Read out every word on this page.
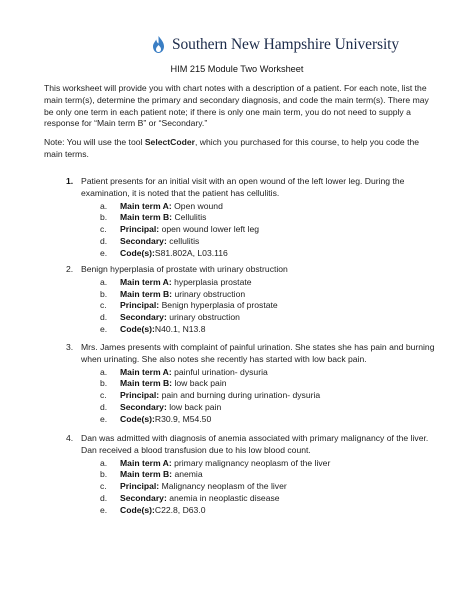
Southern New Hampshire University
HIM 215 Module Two Worksheet

This worksheet will provide you with chart notes with a description of a patient. For each note, list the main term(s), determine the primary and secondary diagnosis, and code the main term(s). There may be only one term in each patient note; if there is only one main term, you do not need to supply a response for “Main term B” or “Secondary.”

Note: You will use the tool SelectCoder, which you purchased for this course, to help you code the main terms.

1. Patient presents for an initial visit with an open wound of the left lower leg. During the examination, it is noted that the patient has cellulitis.
a. Main term A: Open wound
b. Main term B: Cellulitis
c. Principal: open wound lower left leg
d. Secondary: cellulitis
e. Code(s):S81.802A, L03.116
2. Benign hyperplasia of prostate with urinary obstruction
a. Main term A: hyperplasia prostate
b. Main term B: urinary obstruction
c. Principal: Benign hyperplasia of prostate
d. Secondary: urinary obstruction
e. Code(s):N40.1, N13.8
3. Mrs. James presents with complaint of painful urination. She states she has pain and burning when urinating. She also notes she recently has started with low back pain.
a. Main term A: painful urination- dysuria
b. Main term B: low back pain
c. Principal: pain and burning during urination- dysuria
d. Secondary: low back pain
e. Code(s):R30.9, M54.50
4. Dan was admitted with diagnosis of anemia associated with primary malignancy of the liver. Dan received a blood transfusion due to his low blood count.
a. Main term A: primary malignancy neoplasm of the liver
b. Main term B: anemia
c. Principal: Malignancy neoplasm of the liver
d. Secondary: anemia in neoplastic disease
e. Code(s):C22.8, D63.0
